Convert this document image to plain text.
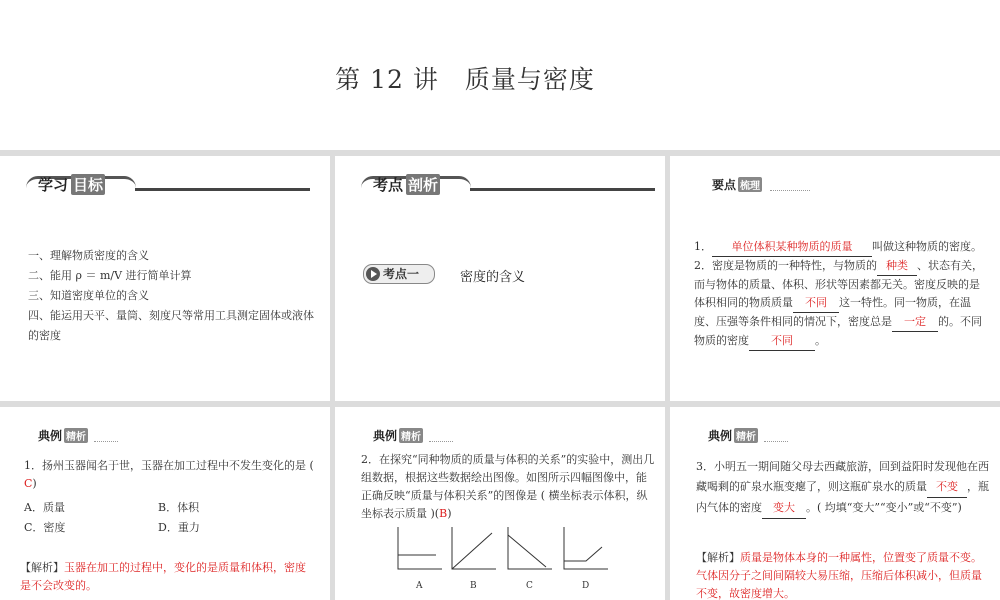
第 12 讲　质量与密度
学习 目标
一、理解物质密度的含义
二、能用 ρ ＝ m/V 进行简单计算
三、知道密度单位的含义
四、能运用天平、量筒、刻度尺等常用工具测定固体或液体的密度
考点 剖析
考点一	密度的含义
要点 梳理
1． 单位体积某种物质的质量 叫做这种物质的密度。
2．密度是物质的一种特性，与物质的 种类 、状态有关，而与物体的质量、体积、形状等因素都无关。密度反映的是体积相同的物质质量 不同 这一特性。同一物质，在温度、压强等条件相同的情况下，密度总是 一定 的。不同物质的密度 不同 。
典例 精析
1．扬州玉器闻名于世，玉器在加工过程中不发生变化的是 (
C)
A．质量	B．体积
C．密度	D．重力
【解析】玉器在加工的过程中，变化的是质量和体积，密度是不会改变的。
典例 精析
2．在探究“同种物质的质量与体积的关系”的实验中，测出几组数据，根据这些数据绘出图像。如图所示四幅图像中，能正确反映“质量与体积关系”的图像是 ( 横坐标表示体积，纵坐标表示质量 )(B)
A	B	C	D
典例 精析
3．小明五一期间随父母去西藏旅游，回到益阳时发现他在西藏喝剩的矿泉水瓶变瘪了，则这瓶矿泉水的质量 不变 ，瓶内气体的密度 变大 。( 均填“变大”“变小”或“不变”)
【解析】质量是物体本身的一种属性，位置变了质量不变。气体因分子之间间隔较大易压缩，压缩后体积减小，但质量不变，故密度增大。
